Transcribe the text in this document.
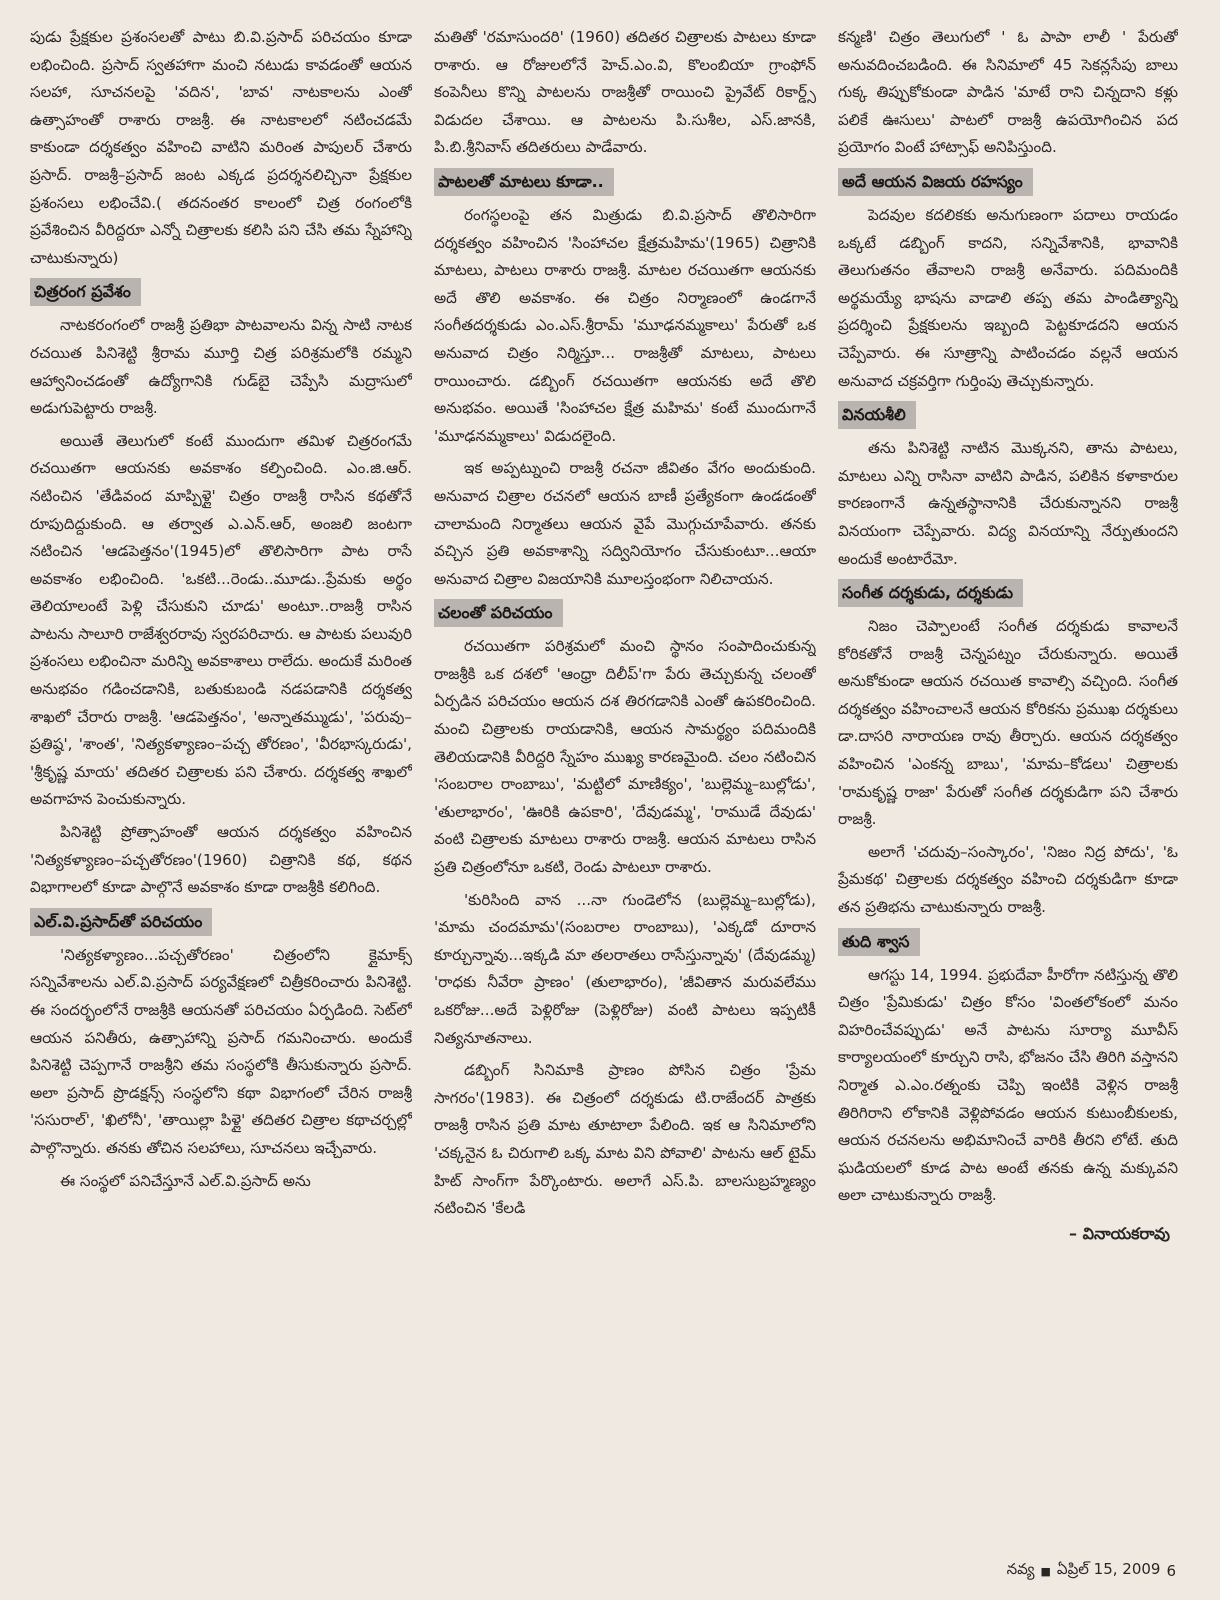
పుడు ప్రేక్షకుల ప్రశంసలతో పాటు బి.వి.ప్రసాద్ పరిచయం కూడా లభించింది. ప్రసాద్ స్వతహాగా మంచి నటుడు కావడంతో ఆయన సలహా, సూచనలపై 'వదిన', 'బావ' నాటకాలను ఎంతో ఉత్సాహంతో రాశారు రాజశ్రీ. ఈ నాటకాలలో నటించడమే కాకుండా దర్శకత్వం వహించి వాటిని మరింత పాపులర్ చేశారు ప్రసాద్. రాజశ్రీ–ప్రసాద్ జంట ఎక్కడ ప్రదర్శనలిచ్చినా ప్రేక్షకుల ప్రశంసలు లభించేవి.( తదనంతర కాలంలో చిత్ర రంగంలోకి ప్రవేశించిన వీరిద్దరూ ఎన్నో చిత్రాలకు కలిసి పని చేసి తమ స్నేహాన్ని చాటుకున్నారు)

చిత్రరంగ ప్రవేశం

నాటకరంగంలో రాజశ్రీ ప్రతిభా పాటవాలను విన్న సాటి నాటక రచయిత పినిశెట్టి శ్రీరామ మూర్తి చిత్ర పరిశ్రమలోకి రమ్మని ఆహ్వానించడంతో ఉద్యోగానికి గుడ్‌బై చెప్పేసి మద్రాసులో అడుగుపెట్టారు రాజశ్రీ.

అయితే తెలుగులో కంటే ముందుగా తమిళ చిత్రరంగమే రచయితగా ఆయనకు అవకాశం కల్పించింది. ఎం.జి.ఆర్. నటించిన 'తేడివంద మాప్పిళ్లై' చిత్రం రాజశ్రీ రాసిన కథతోనే రూపుదిద్దుకుంది. ఆ తర్వాత ఎ.ఎన్.ఆర్, అంజలి జంటగా నటించిన 'ఆడపెత్తనం'(1945)లో తొలిసారిగా పాట రాసే అవకాశం లభించింది. 'ఒకటి...రెండు..మూడు..ప్రేమకు అర్థం తెలియాలంటే పెళ్లి చేసుకుని చూడు' అంటూ..రాజశ్రీ రాసిన పాటను సాలూరి రాజేశ్వరరావు స్వరపరిచారు. ఆ పాటకు పలువురి ప్రశంసలు లభించినా మరిన్ని అవకాశాలు రాలేదు. అందుకే మరింత అనుభవం గడించడానికి, బతుకుబండి నడపడానికి దర్శకత్వ శాఖలో చేరారు రాజశ్రీ. 'ఆడపెత్తనం', 'అన్నాతమ్ముడు', 'పరువు–ప్రతిష్ఠ', 'శాంత', 'నిత్యకళ్యాణం–పచ్చ తోరణం', 'వీరభాస్కరుడు', 'శ్రీకృష్ణ మాయ' తదితర చిత్రాలకు పని చేశారు. దర్శకత్వ శాఖలో అవగాహన పెంచుకున్నారు.

పినిశెట్టి ప్రోత్సాహంతో ఆయన దర్శకత్వం వహించిన 'నిత్యకళ్యాణం–పచ్చతోరణం'(1960) చిత్రానికి కథ, కథన విభాగాలలో కూడా పాల్గొనే అవకాశం కూడా రాజశ్రీకి కలిగింది.

ఎల్.వి.ప్రసాద్‌తో పరిచయం

'నిత్యకళ్యాణం...పచ్చతోరణం' చిత్రంలోని క్లైమాక్స్ సన్నివేశాలను ఎల్.వి.ప్రసాద్ పర్యవేక్షణలో చిత్రీకరించారు పినిశెట్టి. ఈ సందర్భంలోనే రాజశ్రీకి ఆయనతో పరిచయం ఏర్పడింది. సెట్‌లో ఆయన పనితీరు, ఉత్సాహాన్ని ప్రసాద్ గమనించారు. అందుకే పినిశెట్టి చెప్పగానే రాజశ్రీని తమ సంస్థలోకి తీసుకున్నారు ప్రసాద్. అలా ప్రసాద్ ప్రొడక్షన్స్ సంస్థలోని కథా విభాగంలో చేరిన రాజశ్రీ 'ససురాల్', 'ఖిలోనీ', 'తాయిల్లా పిళ్లై' తదితర చిత్రాల కథాచర్చల్లో పాల్గొన్నారు. తనకు తోచిన సలహాలు, సూచనలు ఇచ్చేవారు.

ఈ సంస్థలో పనిచేస్తూనే ఎల్.వి.ప్రసాద్ అను

మతితో 'రమాసుందరి' (1960) తదితర చిత్రాలకు పాటలు కూడా రాశారు. ఆ రోజులలోనే హెచ్.ఎం.వి, కొలంబియా గ్రాంఫోన్ కంపెనీలు కొన్ని పాటలను రాజశ్రీతో రాయించి ప్రైవేట్ రికార్డ్స్ విడుదల చేశాయి. ఆ పాటలను పి.సుశీల, ఎస్.జానకి, పి.బి.శ్రీనివాస్ తదితరులు పాడేవారు.

పాటలతో మాటలు కూడా..

రంగస్థలంపై తన మిత్రుడు బి.వి.ప్రసాద్ తొలిసారిగా దర్శకత్వం వహించిన 'సింహాచల క్షేత్రమహిమ'(1965) చిత్రానికి మాటలు, పాటలు రాశారు రాజశ్రీ. మాటల రచయితగా ఆయనకు అదే తొలి అవకాశం. ఈ చిత్రం నిర్మాణంలో ఉండగానే సంగీతదర్శకుడు ఎం.ఎస్.శ్రీరామ్ 'మూఢనమ్మకాలు' పేరుతో ఒక అనువాద చిత్రం నిర్మిస్తూ... రాజశ్రీతో మాటలు, పాటలు రాయించారు. డబ్బింగ్ రచయితగా ఆయనకు అదే తొలి అనుభవం. అయితే 'సింహాచల క్షేత్ర మహిమ' కంటే ముందుగానే 'మూఢనమ్మకాలు' విడుదలైంది.

ఇక అప్పట్నుంచి రాజశ్రీ రచనా జీవితం వేగం అందుకుంది. అనువాద చిత్రాల రచనలో ఆయన బాణీ ప్రత్యేకంగా ఉండడంతో చాలామంది నిర్మాతలు ఆయన వైపే మొగ్గుచూపేవారు. తనకు వచ్చిన ప్రతి అవకాశాన్ని సద్వినియోగం చేసుకుంటూ...ఆయా అనువాద చిత్రాల విజయానికి మూలస్తంభంగా నిలిచాయన.

చలంతో పరిచయం

రచయితగా పరిశ్రమలో మంచి స్థానం సంపాదించుకున్న రాజశ్రీకి ఒక దశలో 'ఆంధ్రా దిలీప్'గా పేరు తెచ్చుకున్న చలంతో ఏర్పడిన పరిచయం ఆయన దశ తిరగడానికి ఎంతో ఉపకరించింది. మంచి చిత్రాలకు రాయడానికి, ఆయన సామర్థ్యం పదిమందికి తెలియడానికి వీరిద్దరి స్నేహం ముఖ్య కారణమైంది. చలం నటించిన 'సంబరాల రాంబాబు', 'మట్టిలో మాణిక్యం', 'బుల్లెమ్మ–బుల్లోడు', 'తులాభారం', 'ఊరికి ఉపకారి', 'దేవుడమ్మ', 'రాముడే దేవుడు' వంటి చిత్రాలకు మాటలు రాశారు రాజశ్రీ. ఆయన మాటలు రాసిన ప్రతి చిత్రంలోనూ ఒకటి, రెండు పాటలూ రాశారు.

'కురిసింది వాన ...నా గుండెలోన (బుల్లెమ్మ–బుల్లోడు), 'మామ చందమామ'(సంబరాల రాంబాబు), 'ఎక్కడో దూరాన కూర్చున్నావు...ఇక్కడి మా తలరాతలు రాసేస్తున్నావు' (దేవుడమ్మ) 'రాధకు నీవేరా ప్రాణం' (తులాభారం), 'జీవితాన మరువలేము ఒకరోజు...అదే పెళ్లిరోజు (పెళ్లిరోజు) వంటి పాటలు ఇప్పటికీ నిత్యనూతనాలు.

డబ్బింగ్ సినిమాకి ప్రాణం పోసిన చిత్రం 'ప్రేమ సాగరం'(1983). ఈ చిత్రంలో దర్శకుడు టి.రాజేందర్ పాత్రకు రాజశ్రీ రాసిన ప్రతి మాట తూటాలా పేలింది. ఇక ఆ సినిమాలోని 'చక్కనైన ఓ చిరుగాలి ఒక్క మాట విని పోవాలి' పాటను ఆల్ టైమ్ హిట్ సాంగ్‌గా పేర్కొంటారు. అలాగే ఎస్.పి. బాలసుబ్రహ్మణ్యం నటించిన 'కేలడి

కన్మణి' చిత్రం తెలుగులో ' ఓ పాపా లాలీ ' పేరుతో అనువదించబడింది. ఈ సినిమాలో 45 సెకన్లసేపు బాలు గుక్క తిప్పుకోకుండా పాడిన 'మాటే రాని చిన్నదాని కళ్లు పలికే ఊసులు' పాటలో రాజశ్రీ ఉపయోగించిన పద ప్రయోగం వింటే హాట్సాఫ్ అనిపిస్తుంది.

అదే ఆయన విజయ రహస్యం

పెదవుల కదలికకు అనుగుణంగా పదాలు రాయడం ఒక్కటే డబ్బింగ్ కాదని, సన్నివేశానికి, భావానికి తెలుగుతనం తేవాలని రాజశ్రీ అనేవారు. పదిమందికి అర్థమయ్యే భాషను వాడాలి తప్ప తమ పాండిత్యాన్ని ప్రదర్శించి ప్రేక్షకులను ఇబ్బంది పెట్టకూడదని ఆయన చెప్పేవారు. ఈ సూత్రాన్ని పాటించడం వల్లనే ఆయన అనువాద చక్రవర్తిగా గుర్తింపు తెచ్చుకున్నారు.

వినయశీలి

తను పినిశెట్టి నాటిన మొక్కనని, తాను పాటలు, మాటలు ఎన్ని రాసినా వాటిని పాడిన, పలికిన కళాకారుల కారణంగానే ఉన్నతస్థానానికి చేరుకున్నానని రాజశ్రీ వినయంగా చెప్పేవారు. విద్య వినయాన్ని నేర్పుతుందని అందుకే అంటారేమో.

సంగీత దర్శకుడు, దర్శకుడు

నిజం చెప్పాలంటే సంగీత దర్శకుడు కావాలనే కోరికతోనే రాజశ్రీ చెన్నపట్నం చేరుకున్నారు. అయితే అనుకోకుండా ఆయన రచయిత కావాల్సి వచ్చింది. సంగీత దర్శకత్వం వహించాలనే ఆయన కోరికను ప్రముఖ దర్శకులు డా.దాసరి నారాయణ రావు తీర్చారు. ఆయన దర్శకత్వం వహించిన 'ఎంకన్న బాబు', 'మామ–కోడలు' చిత్రాలకు 'రామకృష్ణ రాజా' పేరుతో సంగీత దర్శకుడిగా పని చేశారు రాజశ్రీ.

అలాగే 'చదువు–సంస్కారం', 'నిజం నిద్ర పోదు', 'ఓ ప్రేమకథ' చిత్రాలకు దర్శకత్వం వహించి దర్శకుడిగా కూడా తన ప్రతిభను చాటుకున్నారు రాజశ్రీ.

తుది శ్వాస

ఆగస్టు 14, 1994. ప్రభుదేవా హీరోగా నటిస్తున్న తొలి చిత్రం 'ప్రేమికుడు' చిత్రం కోసం 'వింతలోకంలో మనం విహరించేవప్పుడు' అనే పాటను సూర్యా మూవీస్ కార్యాలయంలో కూర్చుని రాసి, భోజనం చేసి తిరిగి వస్తానని నిర్మాత ఎ.ఎం.రత్నంకు చెప్పి ఇంటికి వెళ్లిన రాజశ్రీ తిరిగిరాని లోకానికి వెళ్లిపోవడం ఆయన కుటుంబీకులకు, ఆయన రచనలను అభిమానించే వారికి తీరని లోటే. తుది ఘడియలలో కూడ పాట అంటే తనకు ఉన్న మక్కువని అలా చాటుకున్నారు రాజశ్రీ.

– వినాయకరావు
నవ్య ■ ఏప్రిల్ 15, 2009 6
